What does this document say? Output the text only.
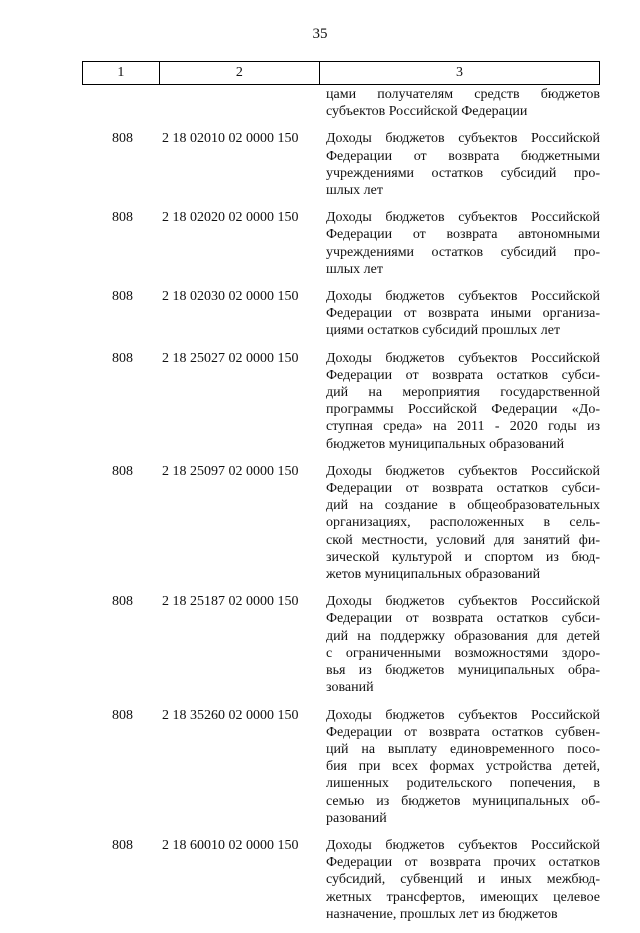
35
1	2	3
цами получателям средств бюджетов
субъектов Российской Федерации
808	2 18 02010 02 0000 150	Доходы бюджетов субъектов Российской
Федерации от возврата бюджетными
учреждениями остатков субсидий про-
шлых лет
808	2 18 02020 02 0000 150	Доходы бюджетов субъектов Российской
Федерации от возврата автономными
учреждениями остатков субсидий про-
шлых лет
808	2 18 02030 02 0000 150	Доходы бюджетов субъектов Российской
Федерации от возврата иными организа-
циями остатков субсидий прошлых лет
808	2 18 25027 02 0000 150	Доходы бюджетов субъектов Российской
Федерации от возврата остатков субси-
дий на мероприятия государственной
программы Российской Федерации «До-
ступная среда» на 2011 - 2020 годы из
бюджетов муниципальных образований
808	2 18 25097 02 0000 150	Доходы бюджетов субъектов Российской
Федерации от возврата остатков субси-
дий на создание в общеобразовательных
организациях, расположенных в сель-
ской местности, условий для занятий фи-
зической культурой и спортом из бюд-
жетов муниципальных образований
808	2 18 25187 02 0000 150	Доходы бюджетов субъектов Российской
Федерации от возврата остатков субси-
дий на поддержку образования для детей
с ограниченными возможностями здоро-
вья из бюджетов муниципальных обра-
зований
808	2 18 35260 02 0000 150	Доходы бюджетов субъектов Российской
Федерации от возврата остатков субвен-
ций на выплату единовременного посо-
бия при всех формах устройства детей,
лишенных родительского попечения, в
семью из бюджетов муниципальных об-
разований
808	2 18 60010 02 0000 150	Доходы бюджетов субъектов Российской
Федерации от возврата прочих остатков
субсидий, субвенций и иных межбюд-
жетных трансфертов, имеющих целевое
назначение, прошлых лет из бюджетов
